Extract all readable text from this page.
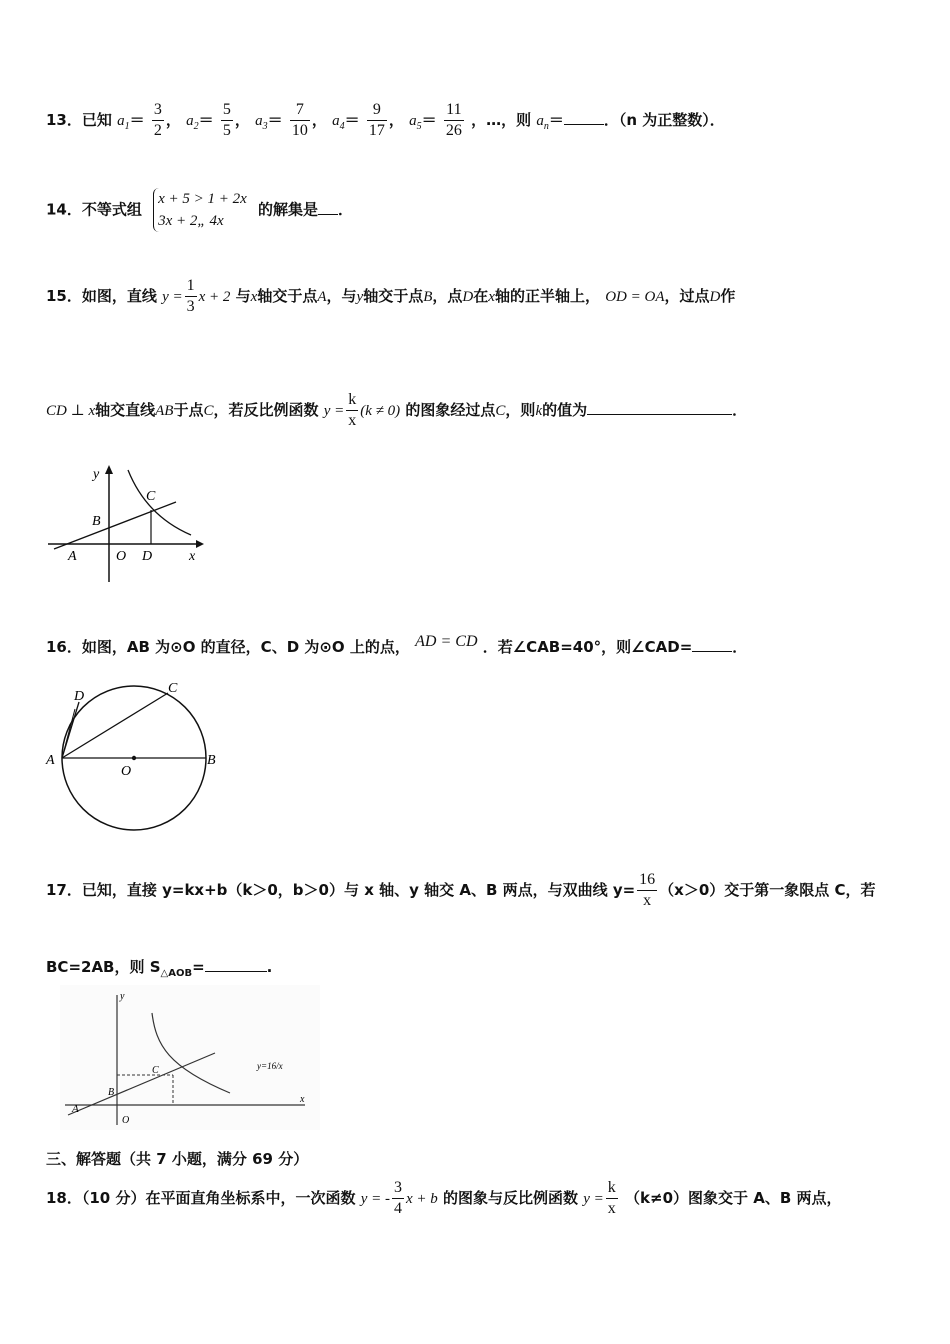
13．已知 $a_1= \frac{3}{2}$ ， $a_2= \frac{5}{5}$ ， $a_3= \frac{7}{10}$ ， $a_4= \frac{9}{17}$ ， $a_5= \frac{11}{26}$ ，…，则 $a_n=$	．（n 为正整数）．
14．不等式组
x + 5 > 1 + 2x
3x + 2„ 4x
的解集是 ．
15．如图，直线 $y = \frac{1}{3}$ x + 2 与x轴交于点A，与y轴交于点B，点D在x轴的正半轴上， OD = OA，过点D作
CD ⊥ x轴交直线AB于点C，若反比例函数 $y = \frac{k}{x} (k \ne 0)$ 的图象经过点C，则k的值为	．
y
x
A
B
C
O D
16．如图，AB 为⊙O 的直径，C、D 为⊙O 上的点， AD = CD ．若∠CAB=40°，则∠CAD=	．
A	B
C
D
O
17．已知，直接 y=kx+b（k＞0，b＞0）与 x 轴、y 轴交 A、B 两点，与双曲线 $y= \frac{16}{x} (x>0)$交于第一象限点 C，若
BC=2AB，则 $S_{\triangle AOB}=$	.
y
x
A
B
C
O
y=16/x
三、解答题（共 7 小题，满分 69 分）
18．（10 分）在平面直角坐标系中，一次函数 y = - $\frac{3}{4}$ x + b 的图象与反比例函数 $y = \frac{k}{x} (k\ne 0)$图象交于 A、B 两点，
